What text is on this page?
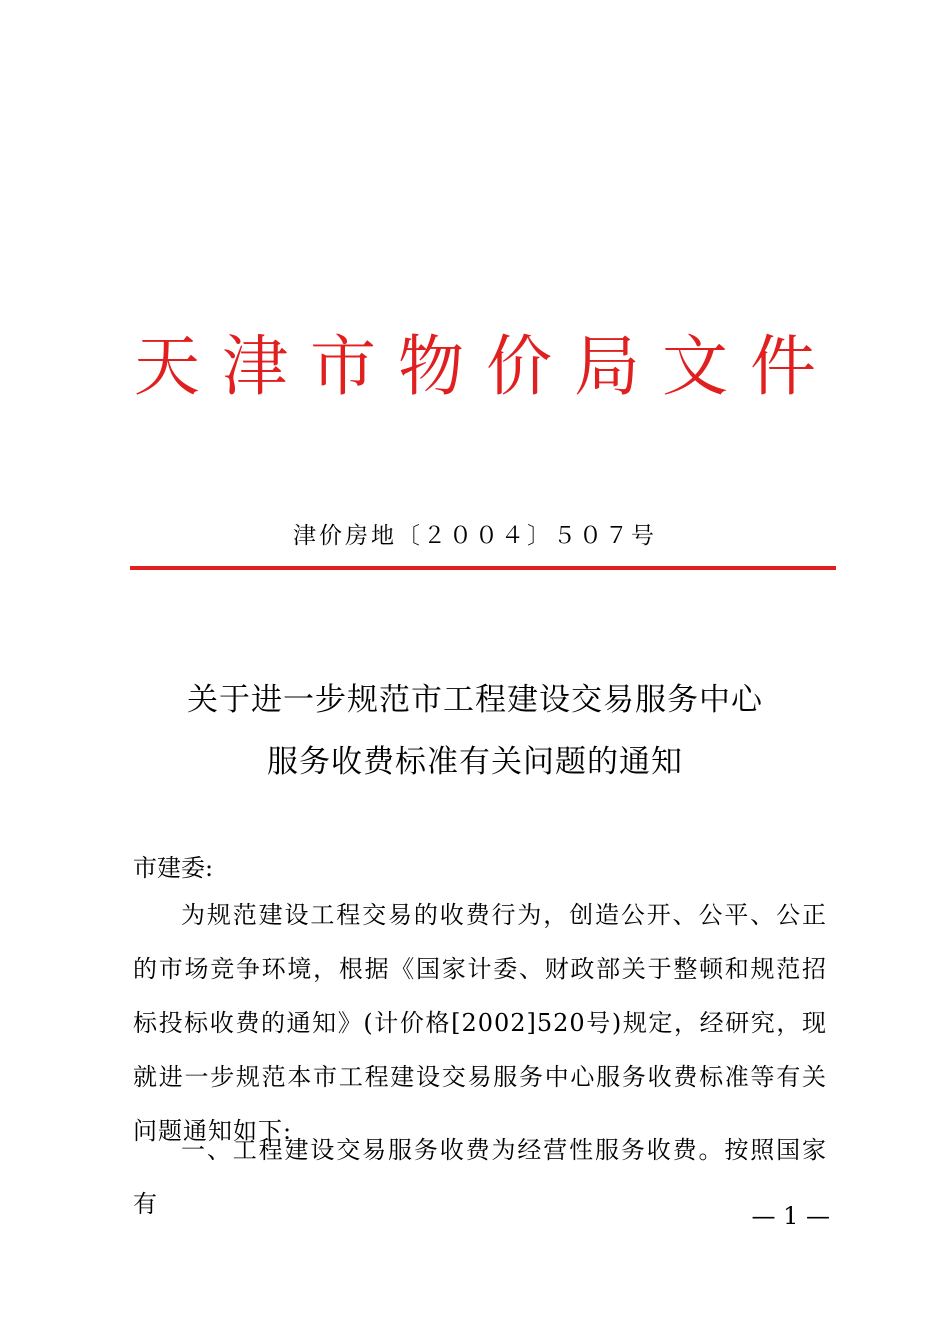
天津市物价局文件
津价房地〔２００４〕５０７号
关于进一步规范市工程建设交易服务中心
服务收费标准有关问题的通知
市建委:
为规范建设工程交易的收费行为，创造公开、公平、公正的市场竞争环境，根据《国家计委、财政部关于整顿和规范招标投标收费的通知》(计价格[2002]520号)规定，经研究，现就进一步规范本市工程建设交易服务中心服务收费标准等有关问题通知如下:
一、工程建设交易服务收费为经营性服务收费。按照国家有	— 1 —
